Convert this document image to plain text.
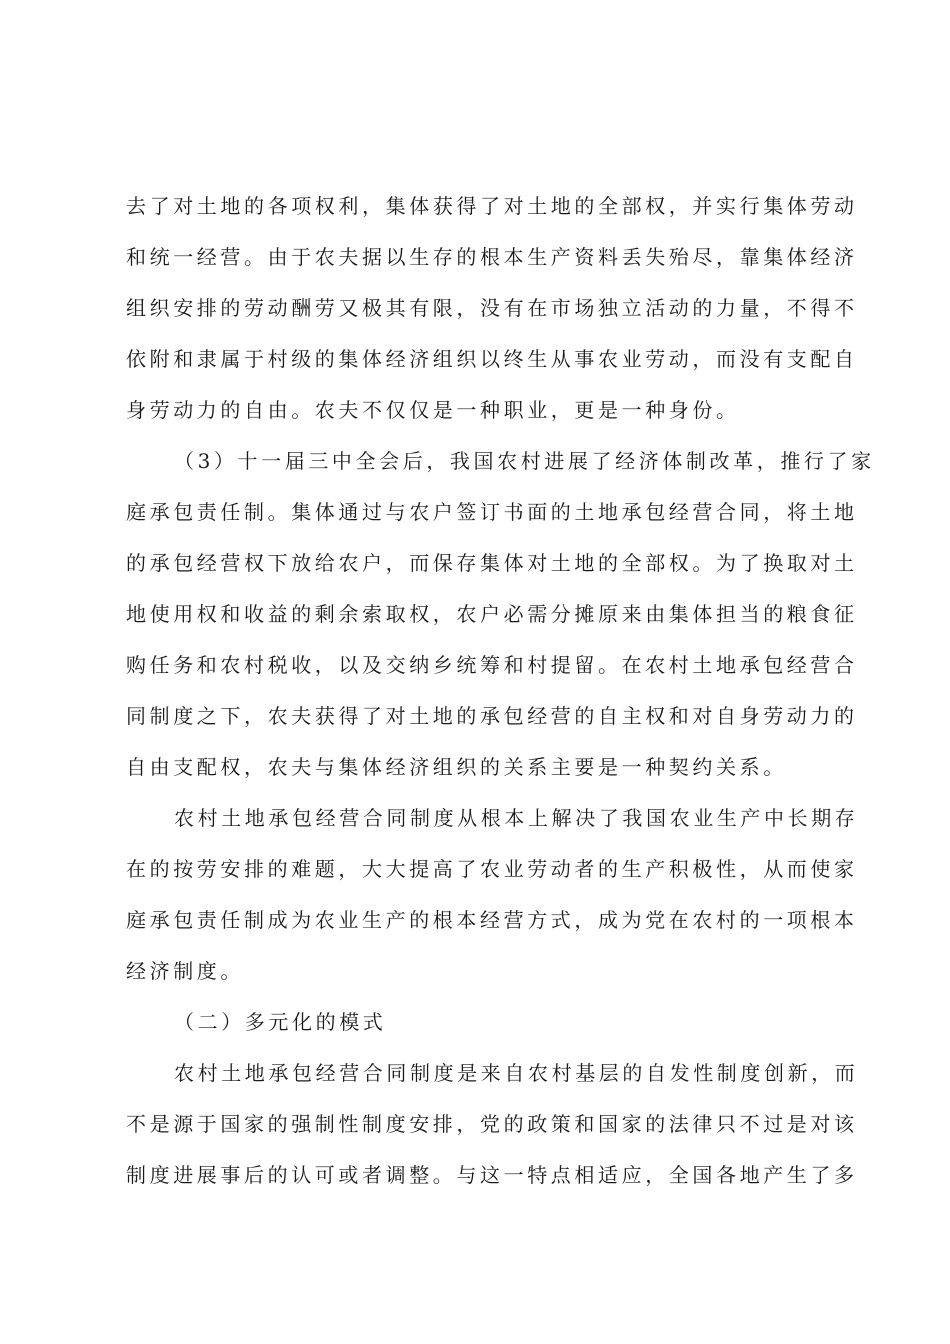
去了对土地的各项权利，集体获得了对土地的全部权，并实行集体劳动
和统一经营。由于农夫据以生存的根本生产资料丢失殆尽，靠集体经济
组织安排的劳动酬劳又极其有限，没有在市场独立活动的力量，不得不
依附和隶属于村级的集体经济组织以终生从事农业劳动，而没有支配自
身劳动力的自由。农夫不仅仅是一种职业，更是一种身份。
（3）十一届三中全会后，我国农村进展了经济体制改革，推行了家
庭承包责任制。集体通过与农户签订书面的土地承包经营合同，将土地
的承包经营权下放给农户，而保存集体对土地的全部权。为了换取对土
地使用权和收益的剩余索取权，农户必需分摊原来由集体担当的粮食征
购任务和农村税收，以及交纳乡统筹和村提留。在农村土地承包经营合
同制度之下，农夫获得了对土地的承包经营的自主权和对自身劳动力的
自由支配权，农夫与集体经济组织的关系主要是一种契约关系。
农村土地承包经营合同制度从根本上解决了我国农业生产中长期存
在的按劳安排的难题，大大提高了农业劳动者的生产积极性，从而使家
庭承包责任制成为农业生产的根本经营方式，成为党在农村的一项根本
经济制度。
（二）多元化的模式
农村土地承包经营合同制度是来自农村基层的自发性制度创新，而
不是源于国家的强制性制度安排，党的政策和国家的法律只不过是对该
制度进展事后的认可或者调整。与这一特点相适应，全国各地产生了多
